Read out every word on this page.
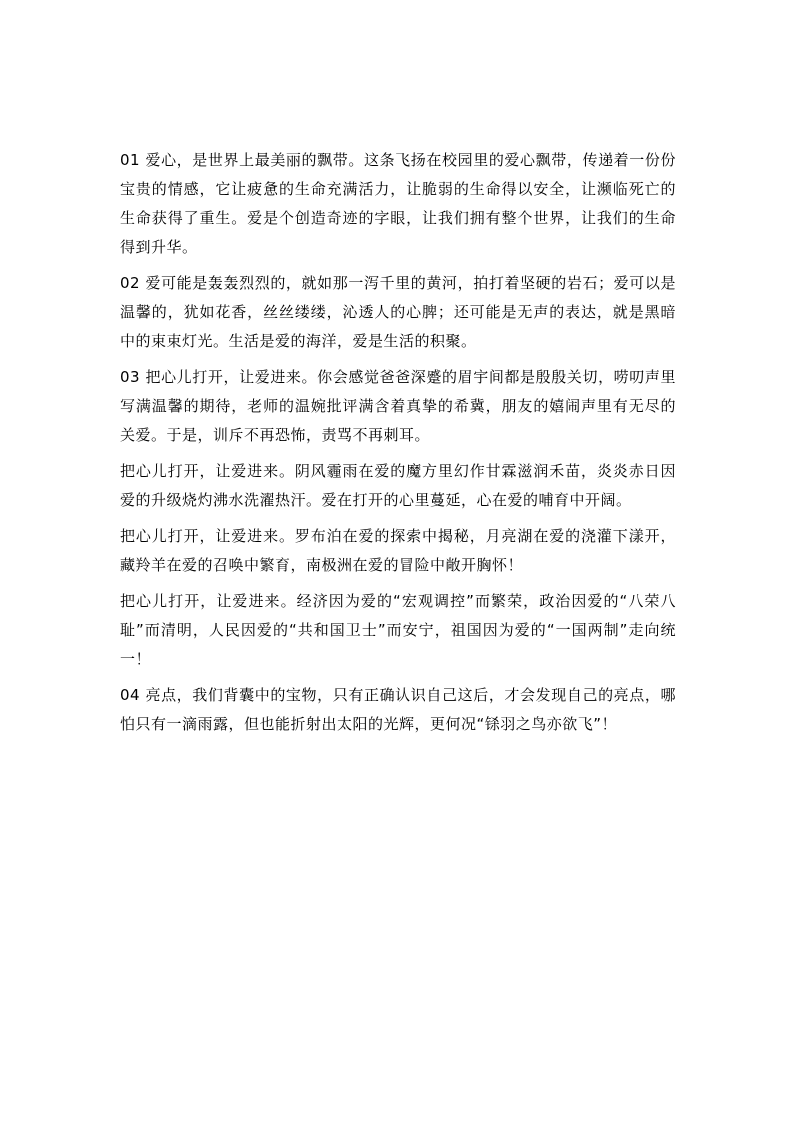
01 爱心，是世界上最美丽的飘带。这条飞扬在校园里的爱心飘带，传递着一份份宝贵的情感，它让疲惫的生命充满活力，让脆弱的生命得以安全，让濒临死亡的生命获得了重生。爱是个创造奇迹的字眼，让我们拥有整个世界，让我们的生命得到升华。

02 爱可能是轰轰烈烈的，就如那一泻千里的黄河，拍打着坚硬的岩石；爱可以是温馨的，犹如花香，丝丝缕缕，沁透人的心脾；还可能是无声的表达，就是黑暗中的束束灯光。生活是爱的海洋，爱是生活的积聚。

03 把心儿打开，让爱进来。你会感觉爸爸深蹙的眉宇间都是殷殷关切，唠叨声里写满温馨的期待，老师的温婉批评满含着真挚的希冀，朋友的嬉闹声里有无尽的关爱。于是，训斥不再恐怖，责骂不再刺耳。

把心儿打开，让爱进来。阴风霾雨在爱的魔方里幻作甘霖滋润禾苗，炎炎赤日因爱的升级烧灼沸水洗濯热汗。爱在打开的心里蔓延，心在爱的哺育中开阔。

把心儿打开，让爱进来。罗布泊在爱的探索中揭秘，月亮湖在爱的浇灌下漾开，藏羚羊在爱的召唤中繁育，南极洲在爱的冒险中敞开胸怀！

把心儿打开，让爱进来。经济因为爱的“宏观调控”而繁荣，政治因爱的“八荣八耻”而清明，人民因爱的“共和国卫士”而安宁，祖国因为爱的“一国两制”走向统一！

04 亮点，我们背囊中的宝物，只有正确认识自己这后，才会发现自己的亮点，哪怕只有一滴雨露，但也能折射出太阳的光辉，更何况“铩羽之鸟亦欲飞”！
